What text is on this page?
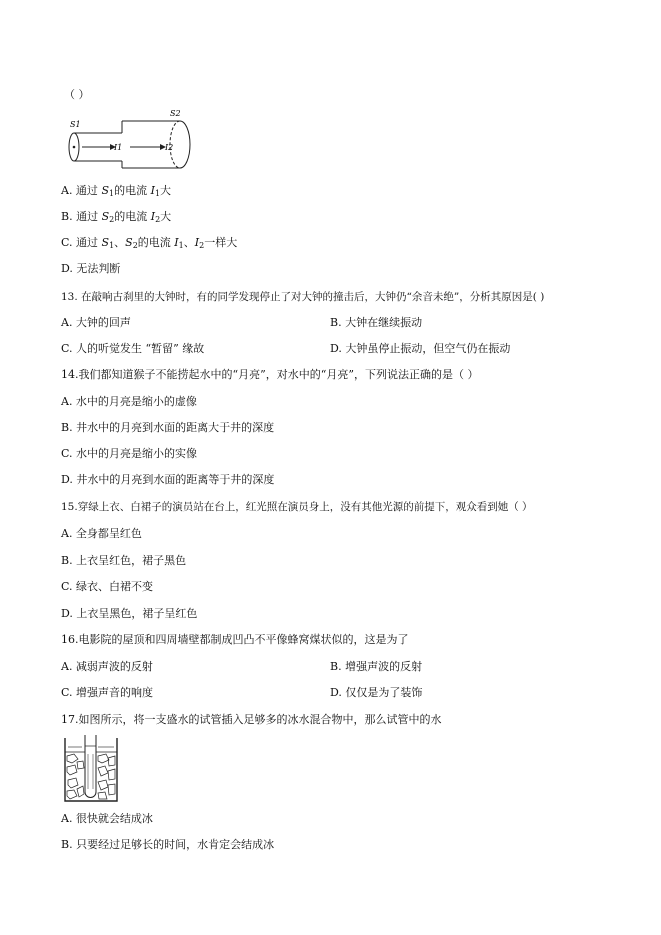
（ ）
S1
S2
I1	I2
A. 通过 $S_1$的电流 $I_1$大
B. 通过 $S_2$的电流 $I_2$大
C. 通过 $S_1$、$S_2$的电流 $I_1$、$I_2$一样大
D. 无法判断
13. 在敲响古刹里的大钟时，有的同学发现停止了对大钟的撞击后，大钟仍“余音未绝”，分析其原因是( )
A. 大钟的回声	B. 大钟在继续振动
C. 人的听觉发生 “暂留” 缘故	D. 大钟虽停止振动，但空气仍在振动
14.我们都知道猴子不能捞起水中的“月亮”，对水中的“月亮”，下列说法正确的是（ ）
A. 水中的月亮是缩小的虚像
B. 井水中的月亮到水面的距离大于井的深度
C. 水中的月亮是缩小的实像
D. 井水中的月亮到水面的距离等于井的深度
15.穿绿上衣、白裙子的演员站在台上，红光照在演员身上，没有其他光源的前提下，观众看到她（ ）
A. 全身都呈红色
B. 上衣呈红色，裙子黑色
C. 绿衣、白裙不变
D. 上衣呈黑色，裙子呈红色
16.电影院的屋顶和四周墙壁都制成凹凸不平像蜂窝煤状似的，这是为了
A. 减弱声波的反射	B. 增强声波的反射
C. 增强声音的响度	D. 仅仅是为了装饰
17.如图所示，将一支盛水的试管插入足够多的冰水混合物中，那么试管中的水
A. 很快就会结成冰
B. 只要经过足够长的时间，水肯定会结成冰
